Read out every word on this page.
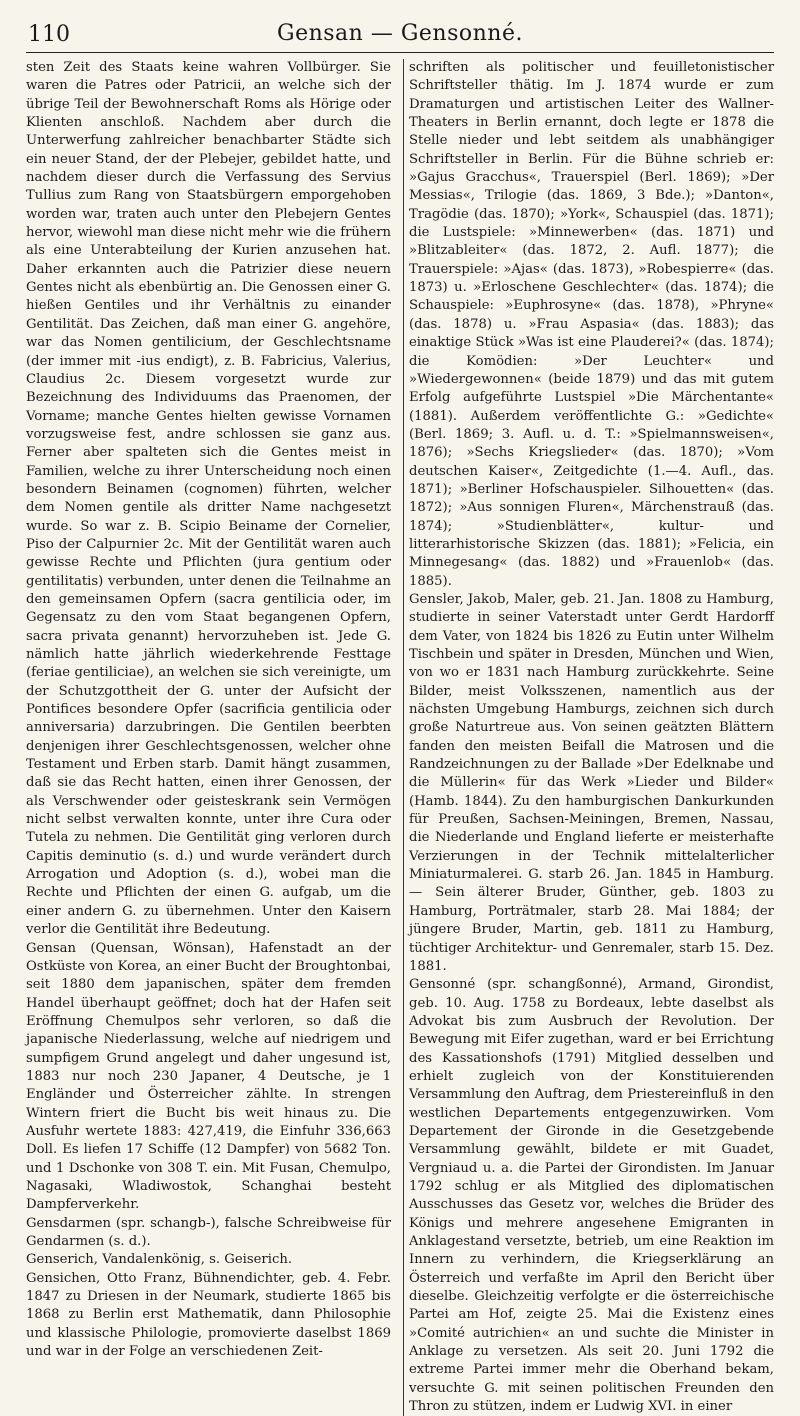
110	Gensan — Gensonné.

sten Zeit des Staats keine wahren Vollbürger. Sie waren die Patres oder Patricii, an welche sich der übrige Teil der Bewohnerschaft Roms als Hörige oder Klienten anschloß. Nachdem aber durch die Unterwerfung zahlreicher benachbarter Städte sich ein neuer Stand, der der Plebejer, gebildet hatte, und nachdem dieser durch die Verfassung des Servius Tullius zum Rang von Staatsbürgern emporgehoben worden war, traten auch unter den Plebejern Gentes hervor, wiewohl man diese nicht mehr wie die frühern als eine Unterabteilung der Kurien anzusehen hat. Daher erkannten auch die Patrizier diese neuern Gentes nicht als ebenbürtig an. Die Genossen einer G. hießen Gentiles und ihr Verhältnis zu einander Gentilität. Das Zeichen, daß man einer G. angehöre, war das Nomen gentilicium, der Geschlechtsname (der immer mit -ius endigt), z. B. Fabricius, Valerius, Claudius 2c. Diesem vorgesetzt wurde zur Bezeichnung des Individuums das Praenomen, der Vorname; manche Gentes hielten gewisse Vornamen vorzugsweise fest, andre schlossen sie ganz aus. Ferner aber spalteten sich die Gentes meist in Familien, welche zu ihrer Unterscheidung noch einen besondern Beinamen (cognomen) führten, welcher dem Nomen gentile als dritter Name nachgesetzt wurde. So war z. B. Scipio Beiname der Cornelier, Piso der Calpurnier 2c. Mit der Gentilität waren auch gewisse Rechte und Pflichten (jura gentium oder gentilitatis) verbunden, unter denen die Teilnahme an den gemeinsamen Opfern (sacra gentilicia oder, im Gegensatz zu den vom Staat begangenen Opfern, sacra privata genannt) hervorzuheben ist. Jede G. nämlich hatte jährlich wiederkehrende Festtage (feriae gentiliciae), an welchen sie sich vereinigte, um der Schutzgottheit der G. unter der Aufsicht der Pontifices besondere Opfer (sacrificia gentilicia oder anniversaria) darzubringen. Die Gentilen beerbten denjenigen ihrer Geschlechtsgenossen, welcher ohne Testament und Erben starb. Damit hängt zusammen, daß sie das Recht hatten, einen ihrer Genossen, der als Verschwender oder geisteskrank sein Vermögen nicht selbst verwalten konnte, unter ihre Cura oder Tutela zu nehmen. Die Gentilität ging verloren durch Capitis deminutio (s. d.) und wurde verändert durch Arrogation und Adoption (s. d.), wobei man die Rechte und Pflichten der einen G. aufgab, um die einer andern G. zu übernehmen. Unter den Kaisern verlor die Gentilität ihre Bedeutung.

Gensan (Quensan, Wönsan), Hafenstadt an der Ostküste von Korea, an einer Bucht der Broughtonbai, seit 1880 dem japanischen, später dem fremden Handel überhaupt geöffnet; doch hat der Hafen seit Eröffnung Chemulpos sehr verloren, so daß die japanische Niederlassung, welche auf niedrigem und sumpfigem Grund angelegt und daher ungesund ist, 1883 nur noch 230 Japaner, 4 Deutsche, je 1 Engländer und Österreicher zählte. In strengen Wintern friert die Bucht bis weit hinaus zu. Die Ausfuhr wertete 1883: 427,419, die Einfuhr 336,663 Doll. Es liefen 17 Schiffe (12 Dampfer) von 5682 Ton. und 1 Dschonke von 308 T. ein. Mit Fusan, Chemulpo, Nagasaki, Wladiwostok, Schanghai besteht Dampferverkehr.

Gensdarmen (spr. schangb-), falsche Schreibweise für Gendarmen (s. d.).

Genserich, Vandalenkönig, s. Geiserich.

Gensichen, Otto Franz, Bühnendichter, geb. 4. Febr. 1847 zu Driesen in der Neumark, studierte 1865 bis 1868 zu Berlin erst Mathematik, dann Philosophie und klassische Philologie, promovierte daselbst 1869 und war in der Folge an verschiedenen Zeit-

schriften als politischer und feuilletonistischer Schriftsteller thätig. Im J. 1874 wurde er zum Dramaturgen und artistischen Leiter des Wallner-Theaters in Berlin ernannt, doch legte er 1878 die Stelle nieder und lebt seitdem als unabhängiger Schriftsteller in Berlin. Für die Bühne schrieb er: »Gajus Gracchus«, Trauerspiel (Berl. 1869); »Der Messias«, Trilogie (das. 1869, 3 Bde.); »Danton«, Tragödie (das. 1870); »York«, Schauspiel (das. 1871); die Lustspiele: »Minnewerben« (das. 1871) und »Blitzableiter« (das. 1872, 2. Aufl. 1877); die Trauerspiele: »Ajas« (das. 1873), »Robespierre« (das. 1873) u. »Erloschene Geschlechter« (das. 1874); die Schauspiele: »Euphrosyne« (das. 1878), »Phryne« (das. 1878) u. »Frau Aspasia« (das. 1883); das einaktige Stück »Was ist eine Plauderei?« (das. 1874); die Komödien: »Der Leuchter« und »Wiedergewonnen« (beide 1879) und das mit gutem Erfolg aufgeführte Lustspiel »Die Märchentante« (1881). Außerdem veröffentlichte G.: »Gedichte« (Berl. 1869; 3. Aufl. u. d. T.: »Spielmannsweisen«, 1876); »Sechs Kriegslieder« (das. 1870); »Vom deutschen Kaiser«, Zeitgedichte (1.—4. Aufl., das. 1871); »Berliner Hofschauspieler. Silhouetten« (das. 1872); »Aus sonnigen Fluren«, Märchenstrauß (das. 1874); »Studienblätter«, kultur- und litterarhistorische Skizzen (das. 1881); »Felicia, ein Minnegesang« (das. 1882) und »Frauenlob« (das. 1885).

Gensler, Jakob, Maler, geb. 21. Jan. 1808 zu Hamburg, studierte in seiner Vaterstadt unter Gerdt Hardorff dem Vater, von 1824 bis 1826 zu Eutin unter Wilhelm Tischbein und später in Dresden, München und Wien, von wo er 1831 nach Hamburg zurückkehrte. Seine Bilder, meist Volksszenen, namentlich aus der nächsten Umgebung Hamburgs, zeichnen sich durch große Naturtreue aus. Von seinen geätzten Blättern fanden den meisten Beifall die Matrosen und die Randzeichnungen zu der Ballade »Der Edelknabe und die Müllerin« für das Werk »Lieder und Bilder« (Hamb. 1844). Zu den hamburgischen Dankurkunden für Preußen, Sachsen-Meiningen, Bremen, Nassau, die Niederlande und England lieferte er meisterhafte Verzierungen in der Technik mittelalterlicher Miniaturmalerei. G. starb 26. Jan. 1845 in Hamburg. — Sein älterer Bruder, Günther, geb. 1803 zu Hamburg, Porträtmaler, starb 28. Mai 1884; der jüngere Bruder, Martin, geb. 1811 zu Hamburg, tüchtiger Architektur- und Genremaler, starb 15. Dez. 1881.

Gensonné (spr. schangßonné), Armand, Girondist, geb. 10. Aug. 1758 zu Bordeaux, lebte daselbst als Advokat bis zum Ausbruch der Revolution. Der Bewegung mit Eifer zugethan, ward er bei Errichtung des Kassationshofs (1791) Mitglied desselben und erhielt zugleich von der Konstituierenden Versammlung den Auftrag, dem Priestereinfluß in den westlichen Departements entgegenzuwirken. Vom Departement der Gironde in die Gesetzgebende Versammlung gewählt, bildete er mit Guadet, Vergniaud u. a. die Partei der Girondisten. Im Januar 1792 schlug er als Mitglied des diplomatischen Ausschusses das Gesetz vor, welches die Brüder des Königs und mehrere angesehene Emigranten in Anklagestand versetzte, betrieb, um eine Reaktion im Innern zu verhindern, die Kriegserklärung an Österreich und verfaßte im April den Bericht über dieselbe. Gleichzeitig verfolgte er die österreichische Partei am Hof, zeigte 25. Mai die Existenz eines »Comité autrichien« an und suchte die Minister in Anklage zu versetzen. Als seit 20. Juni 1792 die extreme Partei immer mehr die Oberhand bekam, versuchte G. mit seinen politischen Freunden den Thron zu stützen, indem er Ludwig XVI. in einer
